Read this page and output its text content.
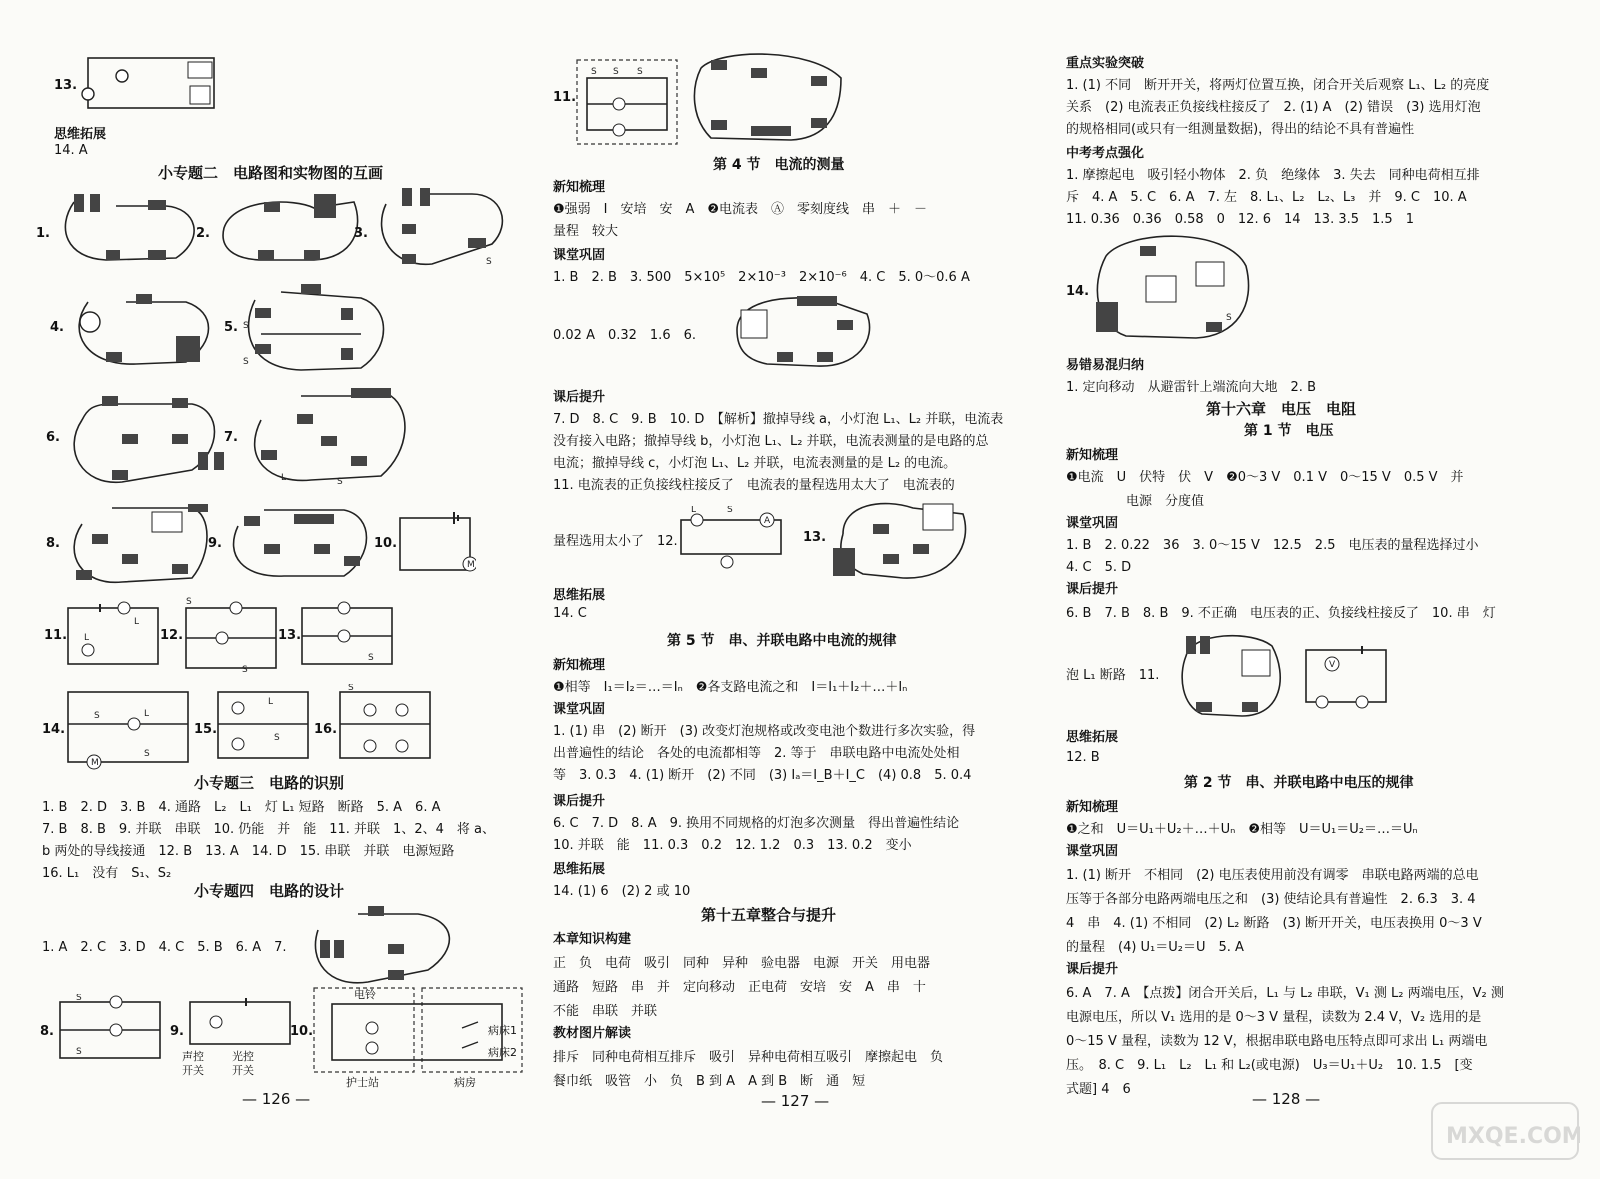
13.
思维拓展
14. A
小专题二　电路图和实物图的互画
1.	2.	3.
S
4.	5. S
S
6.	7.
L	S
8.	9.	10.
M
11.
L
L	12.
S
S
13.
S
14.
M
S	L
S
15.
L
S
16.
S
小专题三　电路的识别
1. B　2. D　3. B　4. 通路　L₂　L₁　灯 L₁ 短路　断路　5. A　6. A
7. B　8. B　9. 并联　串联　10. 仍能　并　能　11. 并联　1、2、4　将 a、
b 两处的导线接通　12. B　13. A　14. D　15. 串联　并联　电源短路
16. L₁　没有　S₁、S₂
小专题四　电路的设计
1. A　2. C　3. D　4. C　5. B　6. A　7.
8.
S
S
9.
声控
开关
光控
开关
10.
电铃
病床1
病床2
护士站	病房
— 126 —
11.
S S S
第 4 节　电流的测量
新知梳理
❶强弱　I　安培　安　A　❷电流表　Ⓐ　零刻度线　串　＋　－
量程　较大
课堂巩固
1. B　2. B　3. 500　5×10⁵　2×10⁻³　2×10⁻⁶　4. C　5. 0～0.6 A
0.02 A　0.32　1.6　6.
课后提升
7. D　8. C　9. B　10. D　【解析】撤掉导线 a，小灯泡 L₁、L₂ 并联，电流表
没有接入电路；撤掉导线 b，小灯泡 L₁、L₂ 并联，电流表测量的是电路的总
电流；撤掉导线 c，小灯泡 L₁、L₂ 并联，电流表测量的是 L₂ 的电流。
11. 电流表的正负接线柱接反了　电流表的量程选用太大了　电流表的
量程选用太小了　12.
A
L	S
13.
思维拓展
14. C
第 5 节　串、并联电路中电流的规律
新知梳理
❶相等　I₁＝I₂＝…＝Iₙ　❷各支路电流之和　I＝I₁＋I₂＋…＋Iₙ
课堂巩固
1. (1) 串　(2) 断开　(3) 改变灯泡规格或改变电池个数进行多次实验，得
出普遍性的结论　各处的电流都相等　2. 等于　串联电路中电流处处相
等　3. 0.3　4. (1) 断开　(2) 不同　(3) Iₐ＝I_B＋I_C　(4) 0.8　5. 0.4
课后提升
6. C　7. D　8. A　9. 换用不同规格的灯泡多次测量　得出普遍性结论
10. 并联　能　11. 0.3　0.2　12. 1.2　0.3　13. 0.2　变小
思维拓展
14. (1) 6　(2) 2 或 10
第十五章整合与提升
本章知识构建
正　负　电荷　吸引　同种　异种　验电器　电源　开关　用电器
通路　短路　串　并　定向移动　正电荷　安培　安　A　串　十
不能　串联　并联
教材图片解读
排斥　同种电荷相互排斥　吸引　异种电荷相互吸引　摩擦起电　负
餐巾纸　吸管　小　负　B 到 A　A 到 B　断　通　短
— 127 —
重点实验突破
1. (1) 不同　断开开关，将两灯位置互换，闭合开关后观察 L₁、L₂ 的亮度
关系　(2) 电流表正负接线柱接反了　2. (1) A　(2) 错误　(3) 选用灯泡
的规格相同(或只有一组测量数据)，得出的结论不具有普遍性
中考考点强化
1. 摩擦起电　吸引轻小物体　2. 负　绝缘体　3. 失去　同种电荷相互排
斥　4. A　5. C　6. A　7. 左　8. L₁、L₂　L₂、L₃　并　9. C　10. A
11. 0.36　0.36　0.58　0　12. 6　14　13. 3.5　1.5　1
14.
S
易错易混归纳
1. 定向移动　从避雷针上端流向大地　2. B
第十六章　电压　电阻
第 1 节　电压
新知梳理
❶电流　U　伏特　伏　V　❷0～3 V　0.1 V　0～15 V　0.5 V　并
电源　分度值
课堂巩固
1. B　2. 0.22　36　3. 0～15 V　12.5　2.5　电压表的量程选择过小
4. C　5. D
课后提升
6. B　7. B　8. B　9. 不正确　电压表的正、负接线柱接反了　10. 串　灯
泡 L₁ 断路　11.
V
思维拓展
12. B
第 2 节　串、并联电路中电压的规律
新知梳理
❶之和　U＝U₁＋U₂＋…＋Uₙ　❷相等　U＝U₁＝U₂＝…＝Uₙ
课堂巩固
1. (1) 断开　不相同　(2) 电压表使用前没有调零　串联电路两端的总电
压等于各部分电路两端电压之和　(3) 使结论具有普遍性　2. 6.3　3. 4
4　串　4. (1) 不相同　(2) L₂ 断路　(3) 断开开关，电压表换用 0～3 V
的量程　(4) U₁＝U₂＝U　5. A
课后提升
6. A　7. A　【点拨】闭合开关后，L₁ 与 L₂ 串联，V₁ 测 L₂ 两端电压，V₂ 测
电源电压，所以 V₁ 选用的是 0～3 V 量程，读数为 2.4 V，V₂ 选用的是
0～15 V 量程，读数为 12 V，根据串联电路电压特点即可求出 L₁ 两端电
压。　8. C　9. L₁　L₂　L₁ 和 L₂(或电源)　U₃＝U₁＋U₂　10. 1.5　[变
式题] 4　6
— 128 —
MXQE.COM
